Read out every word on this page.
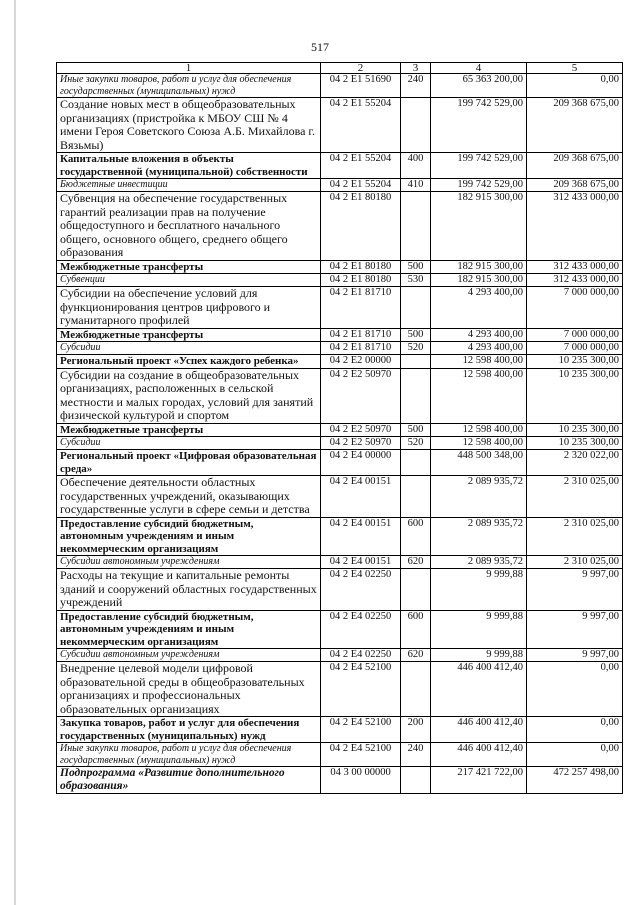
517
1	2	3	4	5
Иные закупки товаров, работ и услуг для обеспечения государственных (муниципальных) нужд	04 2 E1 51690	240	65 363 200,00	0,00
Создание новых мест в общеобразовательных организациях (пристройка к МБОУ СШ № 4 имени Героя Советского Союза А.Б. Михайлова г. Вязьмы)	04 2 E1 55204		199 742 529,00	209 368 675,00
Капитальные вложения в объекты государственной (муниципальной) собственности	04 2 E1 55204	400	199 742 529,00	209 368 675,00
Бюджетные инвестиции	04 2 E1 55204	410	199 742 529,00	209 368 675,00
Субвенция на обеспечение государственных гарантий реализации прав на получение общедоступного и бесплатного начального общего, основного общего, среднего общего образования	04 2 E1 80180		182 915 300,00	312 433 000,00
Межбюджетные трансферты	04 2 E1 80180	500	182 915 300,00	312 433 000,00
Субвенции	04 2 E1 80180	530	182 915 300,00	312 433 000,00
Субсидии на обеспечение условий для функционирования центров цифрового и гуманитарного профилей	04 2 E1 81710		4 293 400,00	7 000 000,00
Межбюджетные трансферты	04 2 E1 81710	500	4 293 400,00	7 000 000,00
Субсидии	04 2 E1 81710	520	4 293 400,00	7 000 000,00
Региональный проект «Успех каждого ребенка»	04 2 E2 00000		12 598 400,00	10 235 300,00
Субсидии на создание в общеобразовательных организациях, расположенных в сельской местности и малых городах, условий для занятий физической культурой и спортом	04 2 E2 50970		12 598 400,00	10 235 300,00
Межбюджетные трансферты	04 2 E2 50970	500	12 598 400,00	10 235 300,00
Субсидии	04 2 E2 50970	520	12 598 400,00	10 235 300,00
Региональный проект «Цифровая образовательная среда»	04 2 E4 00000		448 500 348,00	2 320 022,00
Обеспечение деятельности областных государственных учреждений, оказывающих государственные услуги в сфере семьи и детства	04 2 E4 00151		2 089 935,72	2 310 025,00
Предоставление субсидий бюджетным, автономным учреждениям и иным некоммерческим организациям	04 2 E4 00151	600	2 089 935,72	2 310 025,00
Субсидии автономным учреждениям	04 2 E4 00151	620	2 089 935,72	2 310 025,00
Расходы на текущие и капитальные ремонты зданий и сооружений областных государственных учреждений	04 2 E4 02250		9 999,88	9 997,00
Предоставление субсидий бюджетным, автономным учреждениям и иным некоммерческим организациям	04 2 E4 02250	600	9 999,88	9 997,00
Субсидии автономным учреждениям	04 2 E4 02250	620	9 999,88	9 997,00
Внедрение целевой модели цифровой образовательной среды в общеобразовательных организациях и профессиональных образовательных организациях	04 2 E4 52100		446 400 412,40	0,00
Закупка товаров, работ и услуг для обеспечения государственных (муниципальных) нужд	04 2 E4 52100	200	446 400 412,40	0,00
Иные закупки товаров, работ и услуг для обеспечения государственных (муниципальных) нужд	04 2 E4 52100	240	446 400 412,40	0,00
Подпрограмма «Развитие дополнительного образования»	04 3 00 00000		217 421 722,00	472 257 498,00
